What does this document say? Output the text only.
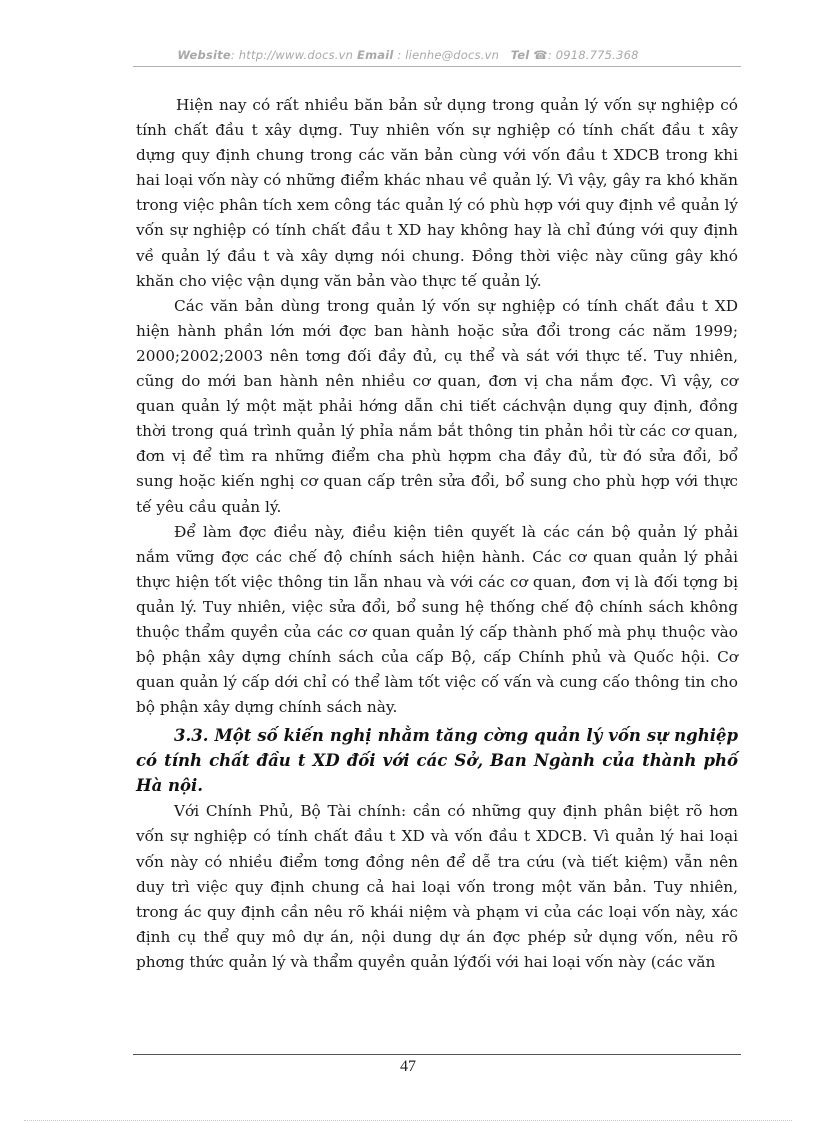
Website: http://www.docs.vn Email : lienhe@docs.vn Tel ☎: 0918.775.368

Hiện nay có rất nhiều băn bản sử dụng trong quản lý vốn sự nghiệp có tính chất đầu t xây dựng. Tuy nhiên vốn sự nghiệp có tính chất đầu t xây dựng quy định chung trong các văn bản cùng với vốn đầu t XDCB trong khi hai loại vốn này có những điểm khác nhau về quản lý. Vì vậy, gây ra khó khăn trong việc phân tích xem công tác quản lý có phù hợp với quy định về quản lý vốn sự nghiệp có tính chất đầu t XD hay không hay là chỉ đúng với quy định về quản lý đầu t và xây dựng nói chung. Đồng thời việc này cũng gây khó khăn cho việc vận dụng văn bản vào thực tế quản lý.

Các văn bản dùng trong quản lý vốn sự nghiệp có tính chất đầu t XD hiện hành phần lớn mới đợc ban hành hoặc sửa đổi trong các năm 1999; 2000;2002;2003 nên tơng đối đầy đủ, cụ thể và sát với thực tế. Tuy nhiên, cũng do mới ban hành nên nhiều cơ quan, đơn vị cha nắm đợc. Vì vậy, cơ quan quản lý một mặt phải hớng dẫn chi tiết cáchvận dụng quy định, đồng thời trong quá trình quản lý phỉa nắm bắt thông tin phản hồi từ các cơ quan, đơn vị để tìm ra những điểm cha phù hợpm cha đầy đủ, từ đó sửa đổi, bổ sung hoặc kiến nghị cơ quan cấp trên sửa đổi, bổ sung cho phù hợp với thực tế yêu cầu quản lý.

Để làm đợc điều này, điều kiện tiên quyết là các cán bộ quản lý phải nắm vững đợc các chế độ chính sách hiện hành. Các cơ quan quản lý phải thực hiện tốt việc thông tin lẫn nhau và với các cơ quan, đơn vị là đối tợng bị quản lý. Tuy nhiên, việc sửa đổi, bổ sung hệ thống chế độ chính sách không thuộc thẩm quyền của các cơ quan quản lý cấp thành phố mà phụ thuộc vào bộ phận xây dựng chính sách của cấp Bộ, cấp Chính phủ và Quốc hội. Cơ quan quản lý cấp dới chỉ có thể làm tốt việc cố vấn và cung cấo thông tin cho bộ phận xây dựng chính sách này.

3.3. Một số kiến nghị nhằm tăng cờng quản lý vốn sự nghiệp có tính chất đầu t XD đối với các Sở, Ban Ngành của thành phố Hà nội.

Với Chính Phủ, Bộ Tài chính: cần có những quy định phân biệt rõ hơn vốn sự nghiệp có tính chất đầu t XD và vốn đầu t XDCB. Vì quản lý hai loại vốn này có nhiều điểm tơng đồng nên để dễ tra cứu (và tiết kiệm) vẫn nên duy trì việc quy định chung cả hai loại vốn trong một văn bản. Tuy nhiên, trong ác quy định cần nêu rõ khái niệm và phạm vi của các loại vốn này, xác định cụ thể quy mô dự án, nội dung dự án đợc phép sử dụng vốn, nêu rõ phơng thức quản lý và thẩm quyền quản lýđối với hai loại vốn này (các văn

47
